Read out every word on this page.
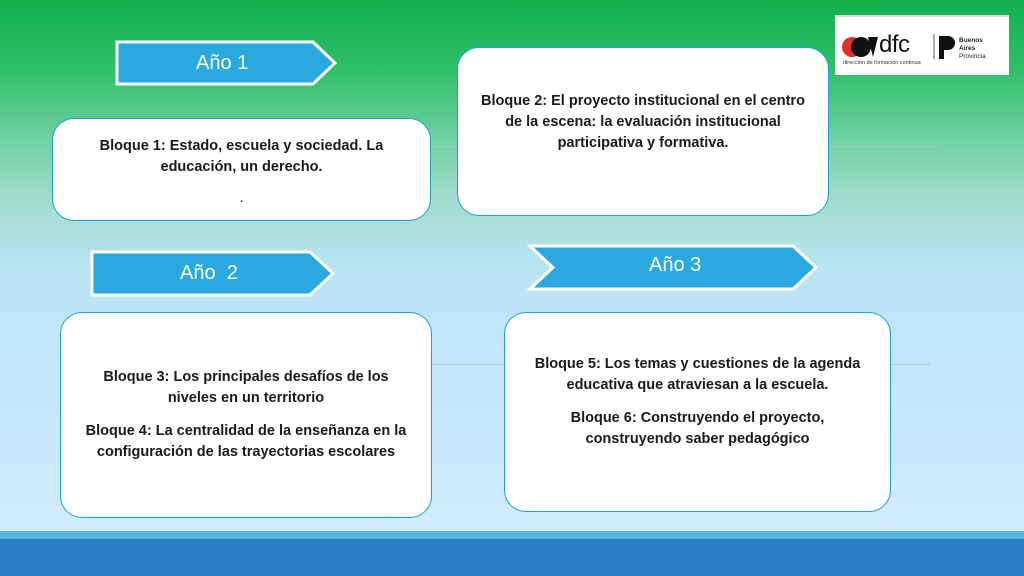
Año 1

Bloque 1: Estado, escuela y sociedad. La educación, un derecho.

.

Bloque 2: El proyecto institucional en el centro de la escena: la evaluación institucional participativa y formativa.

Año  2	Año 3

Bloque 3: Los principales desafíos de los niveles en un territorio

Bloque 4: La centralidad de la enseñanza en la configuración de las trayectorias escolares

Bloque 5: Los temas y cuestiones de la agenda educativa que atraviesan a la escuela.

Bloque 6: Construyendo el proyecto, construyendo saber pedagógico

dfc
dirección de formación continua
Buenos
Aires
Provincia
